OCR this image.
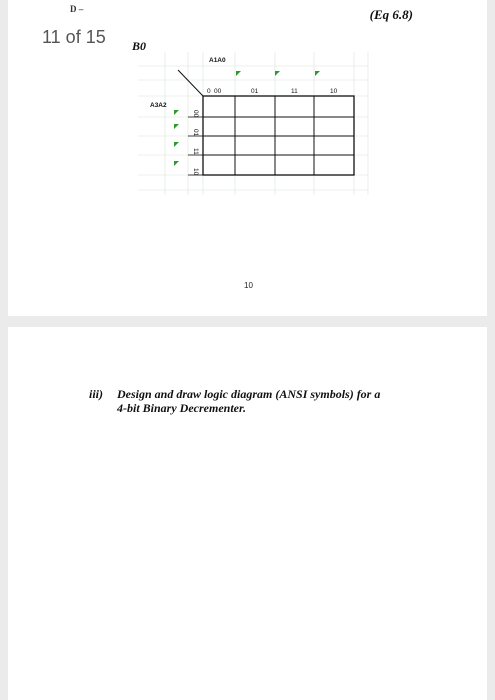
D –	(Eq 6.8)
11 of 15 B0
A1A0
A3A2
0 00	01	11	10
00
01
11
10
10
iii) Design and draw logic diagram (ANSI symbols) for a
4-bit Binary Decrementer.
